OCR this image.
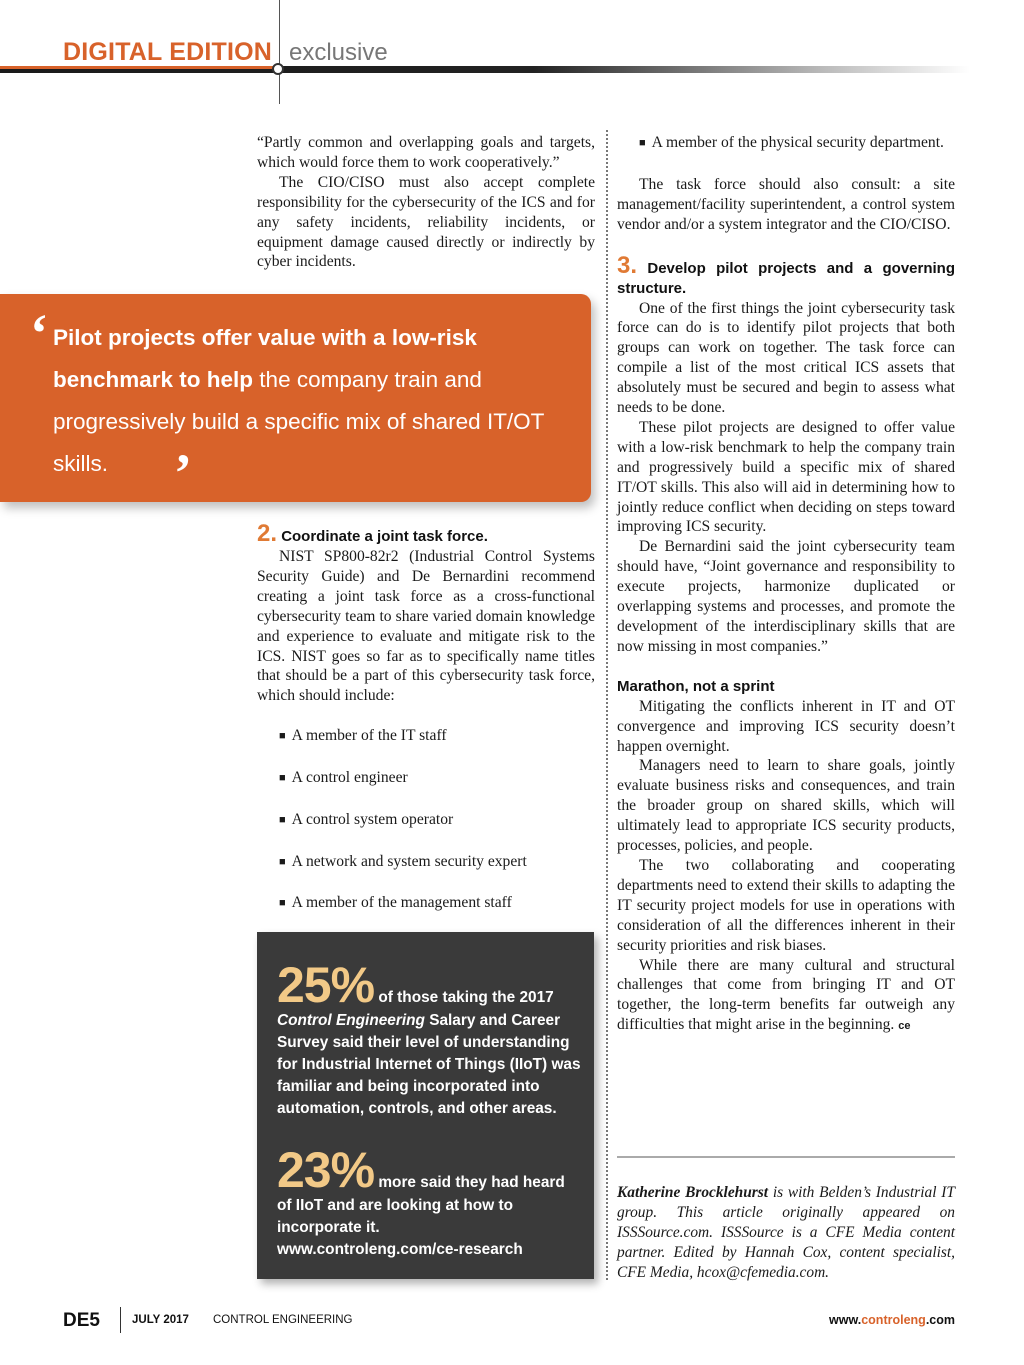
DIGITAL EDITION exclusive

“Partly common and overlapping goals and targets, which would force them to work cooperatively.”

The CIO/CISO must also accept complete responsibility for the cybersecurity of the ICS and for any safety incidents, reliability incidents, or equipment damage caused directly or indirectly by cyber incidents.

‘ Pilot projects offer value with a low-risk benchmark to help the company train and progressively build a specific mix of shared IT/OT skills.	’
2. Coordinate a joint task force.

NIST SP800-82r2 (Industrial Control Systems Security Guide) and De Bernardini recommend creating a joint task force as a cross-functional cybersecurity team to share varied domain knowledge and experience to evaluate and mitigate risk to the ICS. NIST goes so far as to specifically name titles that should be a part of this cybersecurity task force, which should include:

■ A member of the IT staff
■ A control engineer
■ A control system operator
■ A network and system security expert
■ A member of the management staff
25% of those taking the 2017 Control Engineering Salary and Career Survey said their level of understanding for Industrial Internet of Things (IIoT) was familiar and being incorporated into automation, controls, and other areas.
23% more said they had heard of IIoT and are looking at how to incorporate it.
www.controleng.com/ce-research
■ A member of the physical security department.

The task force should also consult: a site management/facility superintendent, a control system vendor and/or a system integrator and the CIO/CISO.

3. Develop pilot projects and a governing structure.

One of the first things the joint cybersecurity task force can do is to identify pilot projects that both groups can work on together. The task force can compile a list of the most critical ICS assets that absolutely must be secured and begin to assess what needs to be done.

These pilot projects are designed to offer value with a low-risk benchmark to help the company train and progressively build a specific mix of shared IT/OT skills. This also will aid in determining how to jointly reduce conflict when deciding on steps toward improving ICS security.

De Bernardini said the joint cybersecurity team should have, “Joint governance and responsibility to execute projects, harmonize duplicated or overlapping systems and processes, and promote the development of the interdisciplinary skills that are now missing in most companies.”

Marathon, not a sprint

Mitigating the conflicts inherent in IT and OT convergence and improving ICS security doesn’t happen overnight.

Managers need to learn to share goals, jointly evaluate business risks and consequences, and train the broader group on shared skills, which will ultimately lead to appropriate ICS security products, processes, policies, and people.

The two collaborating and cooperating departments need to extend their skills to adapting the IT security project models for use in operations with consideration of all the differences inherent in their security priorities and risk biases.

While there are many cultural and structural challenges that come from bringing IT and OT together, the long-term benefits far outweigh any difficulties that might arise in the beginning. ce

Katherine Brocklehurst is with Belden’s Industrial IT group. This article originally appeared on ISSSource.com. ISSSource is a CFE Media content partner. Edited by Hannah Cox, content specialist, CFE Media, hcox@cfemedia.com.
DE5	JULY 2017 CONTROL ENGINEERING	www.controleng.com
